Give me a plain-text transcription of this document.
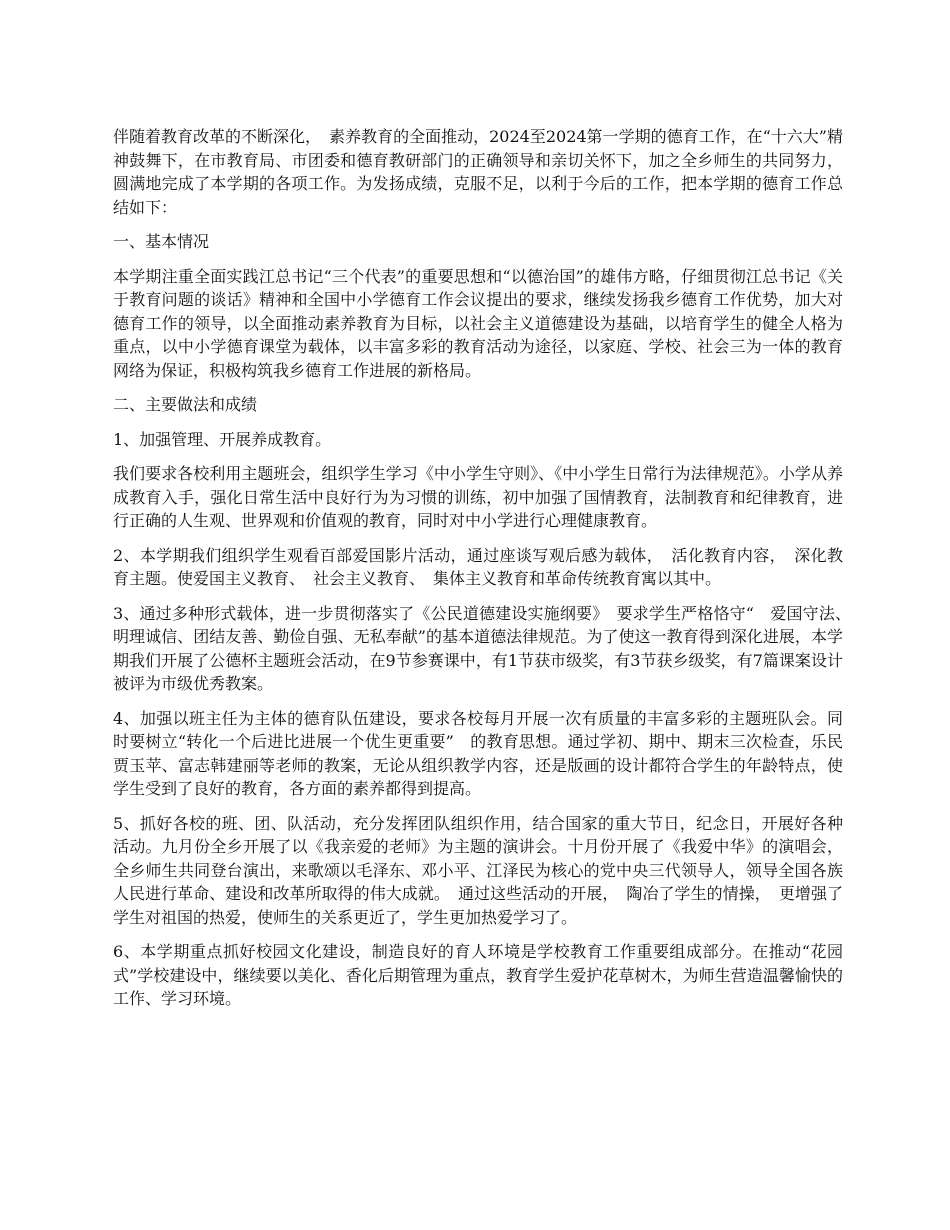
伴随着教育改革的不断深化，　素养教育的全面推动，2024至2024第一学期的德育工作，在“十六大”精神鼓舞下，在市教育局、市团委和德育教研部门的正确领导和亲切关怀下，加之全乡师生的共同努力，圆满地完成了本学期的各项工作。为发扬成绩，克服不足，以利于今后的工作，把本学期的德育工作总结如下：

一、基本情况

本学期注重全面实践江总书记“三个代表”的重要思想和“以德治国”的雄伟方略，仔细贯彻江总书记《关于教育问题的谈话》精神和全国中小学德育工作会议提出的要求，继续发扬我乡德育工作优势，加大对德育工作的领导，以全面推动素养教育为目标，以社会主义道德建设为基础，以培育学生的健全人格为重点，以中小学德育课堂为载体，以丰富多彩的教育活动为途径，以家庭、学校、社会三为一体的教育网络为保证，积极构筑我乡德育工作进展的新格局。

二、主要做法和成绩

1、加强管理、开展养成教育。

我们要求各校利用主题班会，组织学生学习《中小学生守则》、《中小学生日常行为法律规范》。小学从养成教育入手，强化日常生活中良好行为为习惯的训练，初中加强了国情教育，法制教育和纪律教育，进行正确的人生观、世界观和价值观的教育，同时对中小学进行心理健康教育。

2、本学期我们组织学生观看百部爱国影片活动，通过座谈写观后感为载体，　活化教育内容，　深化教育主题。使爱国主义教育、　社会主义教育、　集体主义教育和革命传统教育寓以其中。

3、通过多种形式载体，进一步贯彻落实了《公民道德建设实施纲要》　要求学生严格恪守“　爱国守法、　明理诚信、团结友善、勤俭自强、无私奉献”的基本道德法律规范。为了使这一教育得到深化进展，本学期我们开展了公德杯主题班会活动，在9节参赛课中，有1节获市级奖，有3节获乡级奖，有7篇课案设计被评为市级优秀教案。

4、加强以班主任为主体的德育队伍建设，要求各校每月开展一次有质量的丰富多彩的主题班队会。同时要树立“转化一个后进比进展一个优生更重要”　的教育思想。通过学初、期中、期末三次检查，乐民贾玉苹、富志韩建丽等老师的教案，无论从组织教学内容，还是版画的设计都符合学生的年龄特点，使学生受到了良好的教育，各方面的素养都得到提高。

5、抓好各校的班、团、队活动，充分发挥团队组织作用，结合国家的重大节日，纪念日，开展好各种活动。九月份全乡开展了以《我亲爱的老师》为主题的演讲会。十月份开展了《我爱中华》的演唱会，全乡师生共同登台演出，来歌颂以毛泽东、邓小平、江泽民为核心的党中央三代领导人，领导全国各族人民进行革命、建设和改革所取得的伟大成就。　通过这些活动的开展，　陶冶了学生的情操，　更增强了学生对祖国的热爱，使师生的关系更近了，学生更加热爱学习了。

6、本学期重点抓好校园文化建设，制造良好的育人环境是学校教育工作重要组成部分。在推动“花园式”学校建设中，继续要以美化、香化后期管理为重点，教育学生爱护花草树木，为师生营造温馨愉快的工作、学习环境。
